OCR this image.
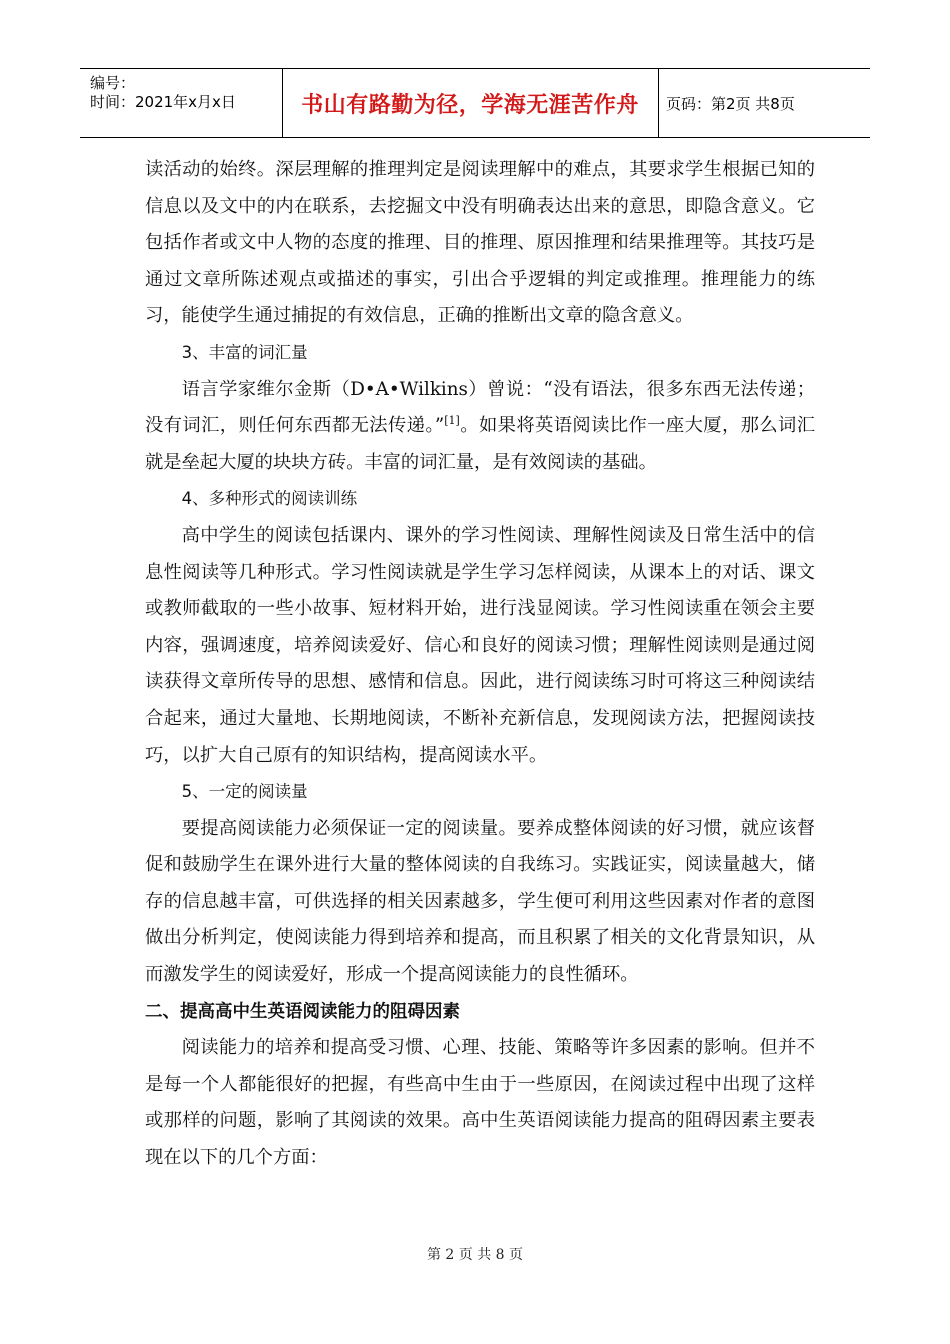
编号：
时间：2021年x月x日	书山有路勤为径，学海无涯苦作舟	页码：第2页 共8页

读活动的始终。深层理解的推理判定是阅读理解中的难点，其要求学生根据已知的信息以及文中的内在联系，去挖掘文中没有明确表达出来的意思，即隐含意义。它包括作者或文中人物的态度的推理、目的推理、原因推理和结果推理等。其技巧是通过文章所陈述观点或描述的事实，引出合乎逻辑的判定或推理。推理能力的练习，能使学生通过捕捉的有效信息，正确的推断出文章的隐含意义。

3、丰富的词汇量

语言学家维尔金斯（D•A•Wilkins）曾说：“没有语法，很多东西无法传递；没有词汇，则任何东西都无法传递。”[1]。如果将英语阅读比作一座大厦，那么词汇就是垒起大厦的块块方砖。丰富的词汇量，是有效阅读的基础。

4、多种形式的阅读训练

高中学生的阅读包括课内、课外的学习性阅读、理解性阅读及日常生活中的信息性阅读等几种形式。学习性阅读就是学生学习怎样阅读，从课本上的对话、课文或教师截取的一些小故事、短材料开始，进行浅显阅读。学习性阅读重在领会主要内容，强调速度，培养阅读爱好、信心和良好的阅读习惯；理解性阅读则是通过阅读获得文章所传导的思想、感情和信息。因此，进行阅读练习时可将这三种阅读结合起来，通过大量地、长期地阅读，不断补充新信息，发现阅读方法，把握阅读技巧，以扩大自己原有的知识结构，提高阅读水平。

5、一定的阅读量

要提高阅读能力必须保证一定的阅读量。要养成整体阅读的好习惯，就应该督促和鼓励学生在课外进行大量的整体阅读的自我练习。实践证实，阅读量越大，储存的信息越丰富，可供选择的相关因素越多，学生便可利用这些因素对作者的意图做出分析判定，使阅读能力得到培养和提高，而且积累了相关的文化背景知识，从而激发学生的阅读爱好，形成一个提高阅读能力的良性循环。

二、提高高中生英语阅读能力的阻碍因素

阅读能力的培养和提高受习惯、心理、技能、策略等许多因素的影响。但并不是每一个人都能很好的把握，有些高中生由于一些原因，在阅读过程中出现了这样或那样的问题，影响了其阅读的效果。高中生英语阅读能力提高的阻碍因素主要表现在以下的几个方面：

第 2 页 共 8 页
